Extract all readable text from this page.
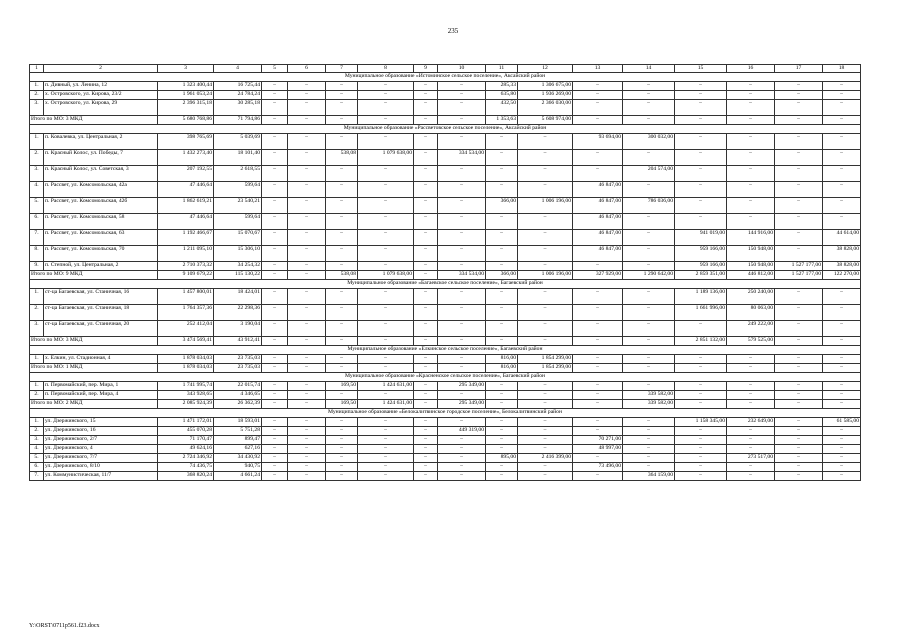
235
1	2	3	4	5	6	7	8	9	10	11	12	13	14	15	16	17	18
Муниципальное образование «Истоминское сельское поселение», Аксайский район																	
1.	п. Дивный, ул. Ленина, 12	1 323 400,44	16 725,44	–	–	–	–	–	–	285,33	1 306 675,00	–	–	–	–	–	–
2.	х. Островского, ул. Кирова, 23/2	1 961 053,24	24 784,24	–	–	–	–	–	–	635,80	1 936 269,00	–	–	–	–	–	–
3.	х. Островского, ул. Кирова, 29	2 396 315,18	30 285,18	–	–	–	–	–	–	432,50	2 366 030,00	–	–	–	–	–	–
Итого по МО: 3 МКД		5 680 768,86	71 794,86	–	–	–	–	–	–	1 353,63	5 608 974,00	–	–	–	–	–	–
Муниципальное образование «Рассветовское сельское поселение», Аксайский район																	
1.	п. Ковалевка, ул. Центральная, 2	398 765,69	5 039,69	–	–	–	–	–	–	–	–	93 694,00	300 032,00	–	–	–	–
2.	п. Красный Колос, ул. Победы, 7	1 432 273,40	18 101,40	–	–	538,08	1 079 638,00	–	334 534,00	–	–	–	–	–	–	–	–
3.	п. Красный Колос, ул. Советская, 3	207 192,55	2 618,55	–	–	–	–	–	–	–	–	–	204 574,00	–	–	–	–
4.	п. Рассвет, ул. Комсомольская, 42а	47 446,64	599,64	–	–	–	–	–	–	–	–	46 847,00	–	–	–	–	–
5.	п. Рассвет, ул. Комсомольская, 42б	1 862 619,21	23 540,21	–	–	–	–	–	–	366,00	1 006 196,00	46 847,00	786 036,00	–	–	–	–
6.	п. Рассвет, ул. Комсомольская, 58	47 446,64	599,64	–	–	–	–	–	–	–	–	46 847,00	–	–	–	–	–
7.	п. Рассвет, ул. Комсомольская, 63	1 192 466,67	15 070,67	–	–	–	–	–	–	–	–	46 847,00	–	941 019,00	144 916,00	–	44 614,00
8.	п. Рассвет, ул. Комсомольская, 70	1 211 095,10	15 306,10	–	–	–	–	–	–	–	–	46 847,00	–	959 166,00	150 948,00	–	38 828,00
9.	п. Степной, ул. Центральная, 2	2 710 373,32	34 254,32	–	–	–	–	–	–	–	–	–	–	959 166,00	150 948,00	1 527 177,00	38 828,00
Итого по МО: 9 МКД		9 109 679,22	115 130,22	–	–	538,08	1 079 638,00	–	334 534,00	366,00	1 006 196,00	327 929,00	1 290 642,00	2 859 351,00	446 812,00	1 527 177,00	122 270,00
Муниципальное образование «Багаевское сельское поселение», Багаевский район																	
1.	ст-ца Багаевская, ул. Станичная, 16	1 457 800,01	18 424,01	–	–	–	–	–	–	–	–	–	–	1 189 136,00	250 240,00	–	–
2.	ст-ца Багаевская, ул. Станичная, 18	1 764 357,36	22 298,36	–	–	–	–	–	–	–	–	–	–	1 661 996,00	80 063,00	–	–
3.	ст-ца Багаевская, ул. Станичная, 20	252 412,04	3 190,04	–	–	–	–	–	–	–	–	–	–	–	249 222,00	–	–
Итого по МО: 3 МКД		3 474 569,41	43 912,41	–	–	–	–	–	–	–	–	–	–	2 851 132,00	579 525,00	–	–
Муниципальное образование «Елкинское сельское поселение», Багаевский район																	
1.	х. Елкин, ул. Стадионная, 4	1 878 034,03	23 735,03	–	–	–	–	–	–	816,00	1 854 299,00	–	–	–	–	–	–
Итого по МО: 1 МКД		1 878 034,03	23 735,03	–	–	–	–	–	–	816,00	1 854 299,00	–	–	–	–	–	–
Муниципальное образование «Красненское сельское поселение», Багаевский район																	
1.	п. Первомайский, пер. Мира, 1	1 741 995,74	22 015,74	–	–	169,50	1 424 631,00	–	295 349,00	–	–	–	–	–	–	–	–
2.	п. Первомайский, пер. Мира, 4	343 928,65	4 346,65	–	–	–	–	–	–	–	–	–	339 582,00	–	–	–	–
Итого по МО: 2 МКД		2 085 924,39	26 362,39	–	–	169,50	1 424 631,00	–	295 349,00	–	–	–	339 582,00	–	–	–	–
Муниципальное образование «Белокалитвинское городское поселение», Белокалитвинский район																	
1.	ул. Дзержинского, 15	1 471 172,01	18 593,01	–	–	–	–	–	–	–	–	–	–	1 158 345,00	232 649,00	–	61 585,00
2.	ул. Дзержинского, 16	455 070,28	5 751,28	–	–	–	–	–	449 319,00	–	–	–	–	–	–	–	–
3.	ул. Дзержинского, 2/7	71 170,47	899,47	–	–	–	–	–	–	–	–	70 271,00	–	–	–	–	–
4.	ул. Дзержинского, 4	49 624,16	627,16	–	–	–	–	–	–	–	–	48 997,00	–	–	–	–	–
5.	ул. Дзержинского, 7/7	2 724 346,92	34 430,92	–	–	–	–	–	–	895,00	2 416 399,00	–	–	–	273 517,00	–	–
6.	ул. Дзержинского, 8/10	74 436,75	940,75	–	–	–	–	–	–	–	–	73 496,00	–	–	–	–	–
7.	ул. Коммунистическая, 11/7	368 820,24	4 661,24	–	–	–	–	–	–	–	–	–	364 159,00	–	–	–	–
Y:\ORST\0711p561.f23.docx
